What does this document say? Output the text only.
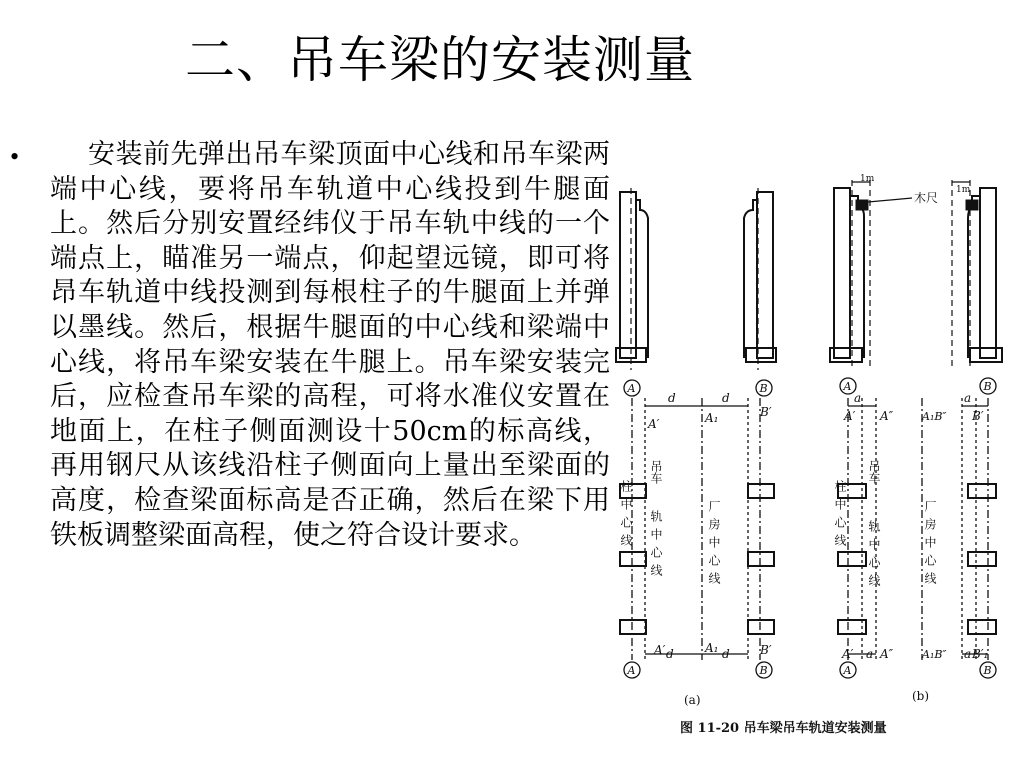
二、吊车梁的安装测量
•	安装前先弹出吊车梁顶面中心线和吊车梁两端中心线，要将吊车轨道中心线投到牛腿面上。然后分别安置经纬仪于吊车轨中线的一个端点上，瞄准另一端点，仰起望远镜，即可将昂车轨道中线投测到每根柱子的牛腿面上并弹以墨线。然后，根据牛腿面的中心线和梁端中心线，将吊车梁安装在牛腿上。吊车梁安装完后，应检查吊车梁的高程，可将水准仪安置在地面上，在柱子侧面测设十50cm的标高线，再用钢尺从该线沿柱子侧面向上量出至梁面的高度，检查梁面标高是否正确，然后在梁下用铁板调整梁面高程，使之符合设计要求。
1m
1m
木尺
A	B
A	B
A	B
A	B
d	d
d	d
A′	A₁	B′
A′	A₁	B′
a	a
a	a
A′ A″	A₁B″ B′
A′ A″	A₁B″ B′₁
吊车
柱中心线 轨中心线	厂房中心线
吊车
柱中心线
轨中心线	厂房中心线
(a)	(b)
图 11-20 吊车梁吊车轨道安装测量
